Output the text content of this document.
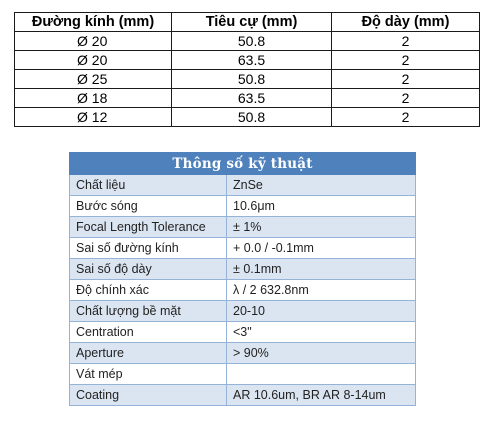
Đường kính (mm)	Tiêu cự (mm)	Độ dày (mm)
Ø 20	50.8	2
Ø 20	63.5	2
Ø 25	50.8	2
Ø 18	63.5	2
Ø 12	50.8	2
Thông số kỹ thuật	
Chất liệu	ZnSe
Bước sóng	10.6μm
Focal Length Tolerance	± 1%
Sai số đường kính	+ 0.0 / -0.1mm
Sai số độ dày	± 0.1mm
Độ chính xác	λ / 2 632.8nm
Chất lượng bề mặt	20-10
Centration	<3"
Aperture	> 90%
Vát mép	
Coating	AR 10.6um, BR AR 8-14um
